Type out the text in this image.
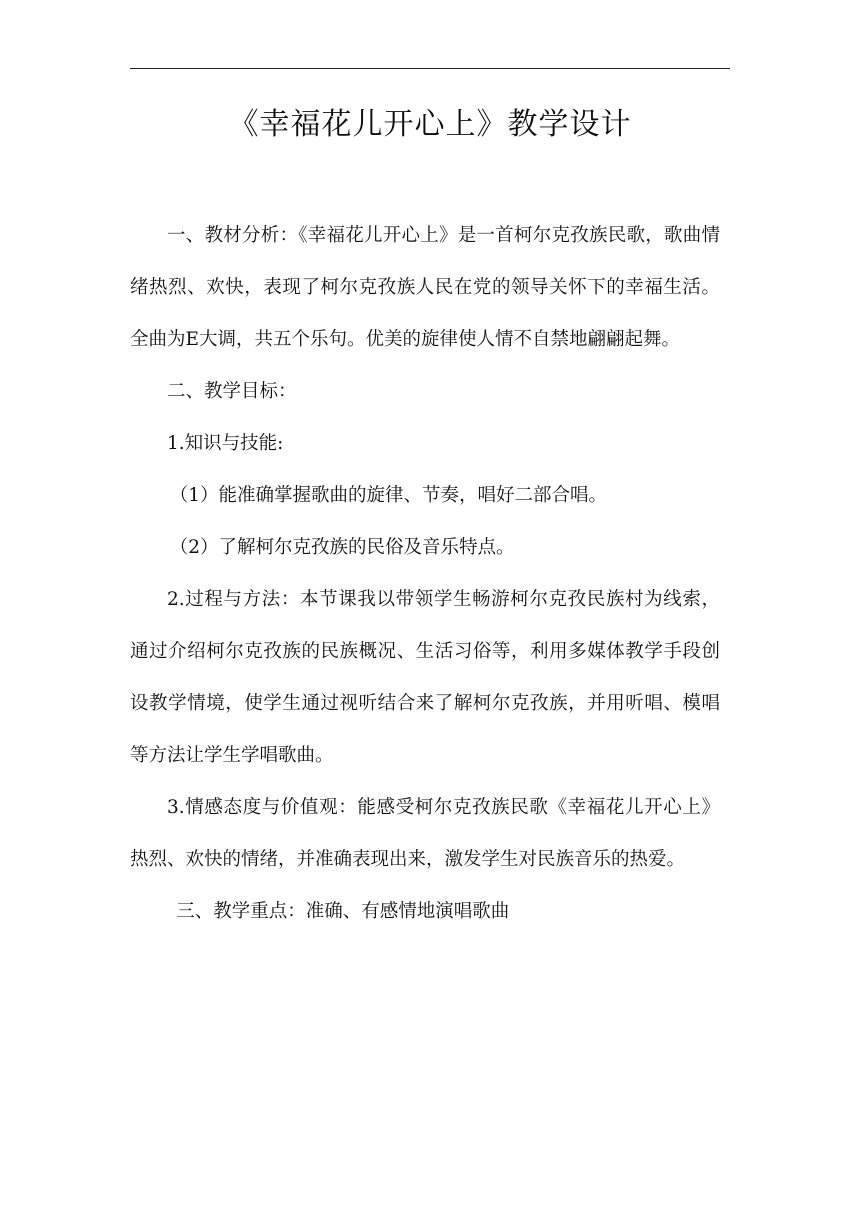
《幸福花儿开心上》教学设计

一、教材分析：《幸福花儿开心上》是一首柯尔克孜族民歌，歌曲情绪热烈、欢快，表现了柯尔克孜族人民在党的领导关怀下的幸福生活。全曲为E大调，共五个乐句。优美的旋律使人情不自禁地翩翩起舞。

二、教学目标：

1.知识与技能:

（1）能准确掌握歌曲的旋律、节奏，唱好二部合唱。

（2）了解柯尔克孜族的民俗及音乐特点。

2.过程与方法：本节课我以带领学生畅游柯尔克孜民族村为线索，通过介绍柯尔克孜族的民族概况、生活习俗等，利用多媒体教学手段创设教学情境，使学生通过视听结合来了解柯尔克孜族，并用听唱、模唱等方法让学生学唱歌曲。

3.情感态度与价值观：能感受柯尔克孜族民歌《幸福花儿开心上》热烈、欢快的情绪，并准确表现出来，激发学生对民族音乐的热爱。

三、教学重点：准确、有感情地演唱歌曲
